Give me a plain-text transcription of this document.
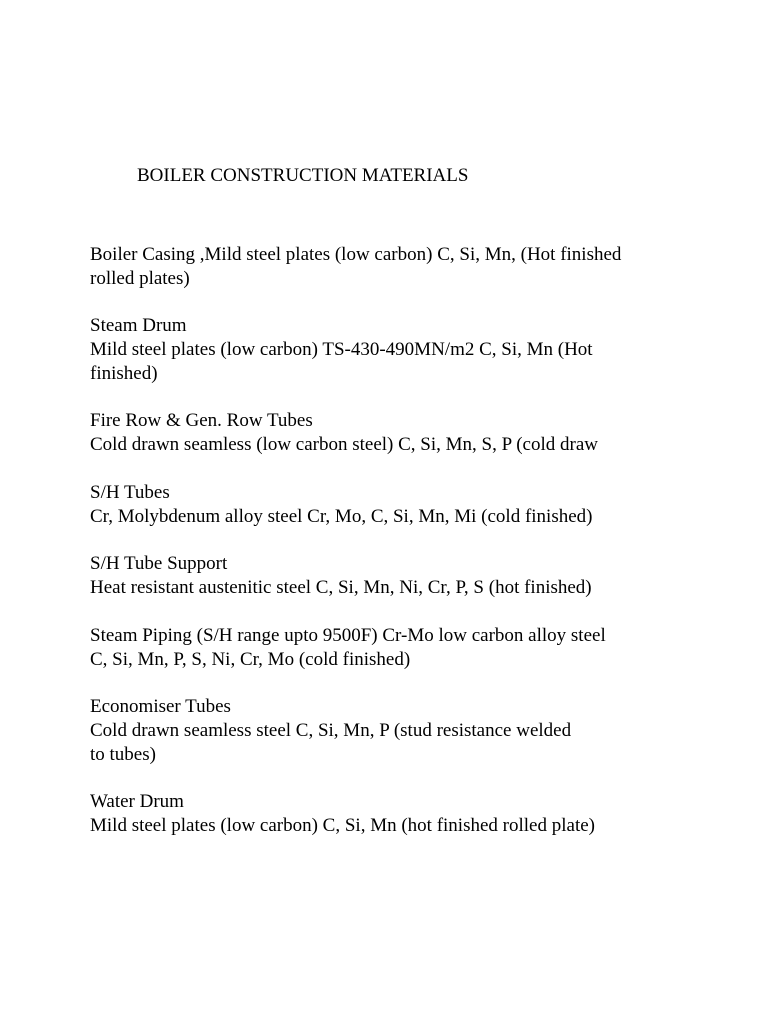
BOILER CONSTRUCTION MATERIALS
Boiler Casing ,Mild steel plates (low carbon) C, Si, Mn, (Hot finished
rolled plates)
Steam Drum
Mild steel plates (low carbon) TS-430-490MN/m2 C, Si, Mn (Hot
finished)
Fire Row & Gen. Row Tubes
Cold drawn seamless (low carbon steel) C, Si, Mn, S, P (cold draw
S/H Tubes
Cr, Molybdenum alloy steel Cr, Mo, C, Si, Mn, Mi (cold finished)
S/H Tube Support
Heat resistant austenitic steel C, Si, Mn, Ni, Cr, P, S (hot finished)
Steam Piping (S/H range upto 9500F) Cr-Mo low carbon alloy steel
C, Si, Mn, P, S, Ni, Cr, Mo (cold finished)
Economiser Tubes
Cold drawn seamless steel C, Si, Mn, P (stud resistance welded
to tubes)
Water Drum
Mild steel plates (low carbon) C, Si, Mn (hot finished rolled plate)
